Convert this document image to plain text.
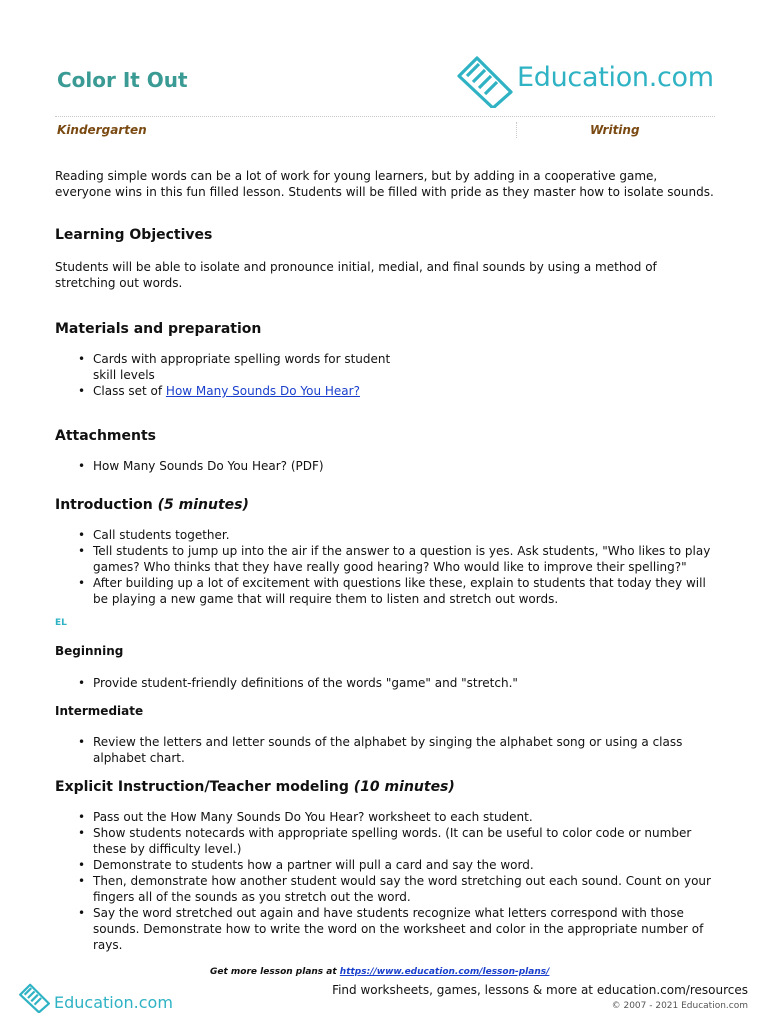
Color It Out	Education.com
Kindergarten	Writing
Reading simple words can be a lot of work for young learners, but by adding in a cooperative game, everyone wins in this fun filled lesson. Students will be filled with pride as they master how to isolate sounds.
Learning Objectives
Students will be able to isolate and pronounce initial, medial, and final sounds by using a method of stretching out words.
Materials and preparation
• Cards with appropriate spelling words for student skill levels
• Class set of How Many Sounds Do You Hear?
Attachments
• How Many Sounds Do You Hear? (PDF)
Introduction (5 minutes)
• Call students together.
• Tell students to jump up into the air if the answer to a question is yes. Ask students, "Who likes to play games? Who thinks that they have really good hearing? Who would like to improve their spelling?"
• After building up a lot of excitement with questions like these, explain to students that today they will be playing a new game that will require them to listen and stretch out words.
EL
Beginning
• Provide student-friendly definitions of the words "game" and "stretch."
Intermediate
• Review the letters and letter sounds of the alphabet by singing the alphabet song or using a class alphabet chart.
Explicit Instruction/Teacher modeling (10 minutes)
• Pass out the How Many Sounds Do You Hear? worksheet to each student.
• Show students notecards with appropriate spelling words. (It can be useful to color code or number these by difficulty level.)
• Demonstrate to students how a partner will pull a card and say the word.
• Then, demonstrate how another student would say the word stretching out each sound. Count on your fingers all of the sounds as you stretch out the word.
• Say the word stretched out again and have students recognize what letters correspond with those sounds. Demonstrate how to write the word on the worksheet and color in the appropriate number of rays.
Get more lesson plans at https://www.education.com/lesson-plans/
Education.com
Find worksheets, games, lessons & more at education.com/resources
© 2007 - 2021 Education.com
